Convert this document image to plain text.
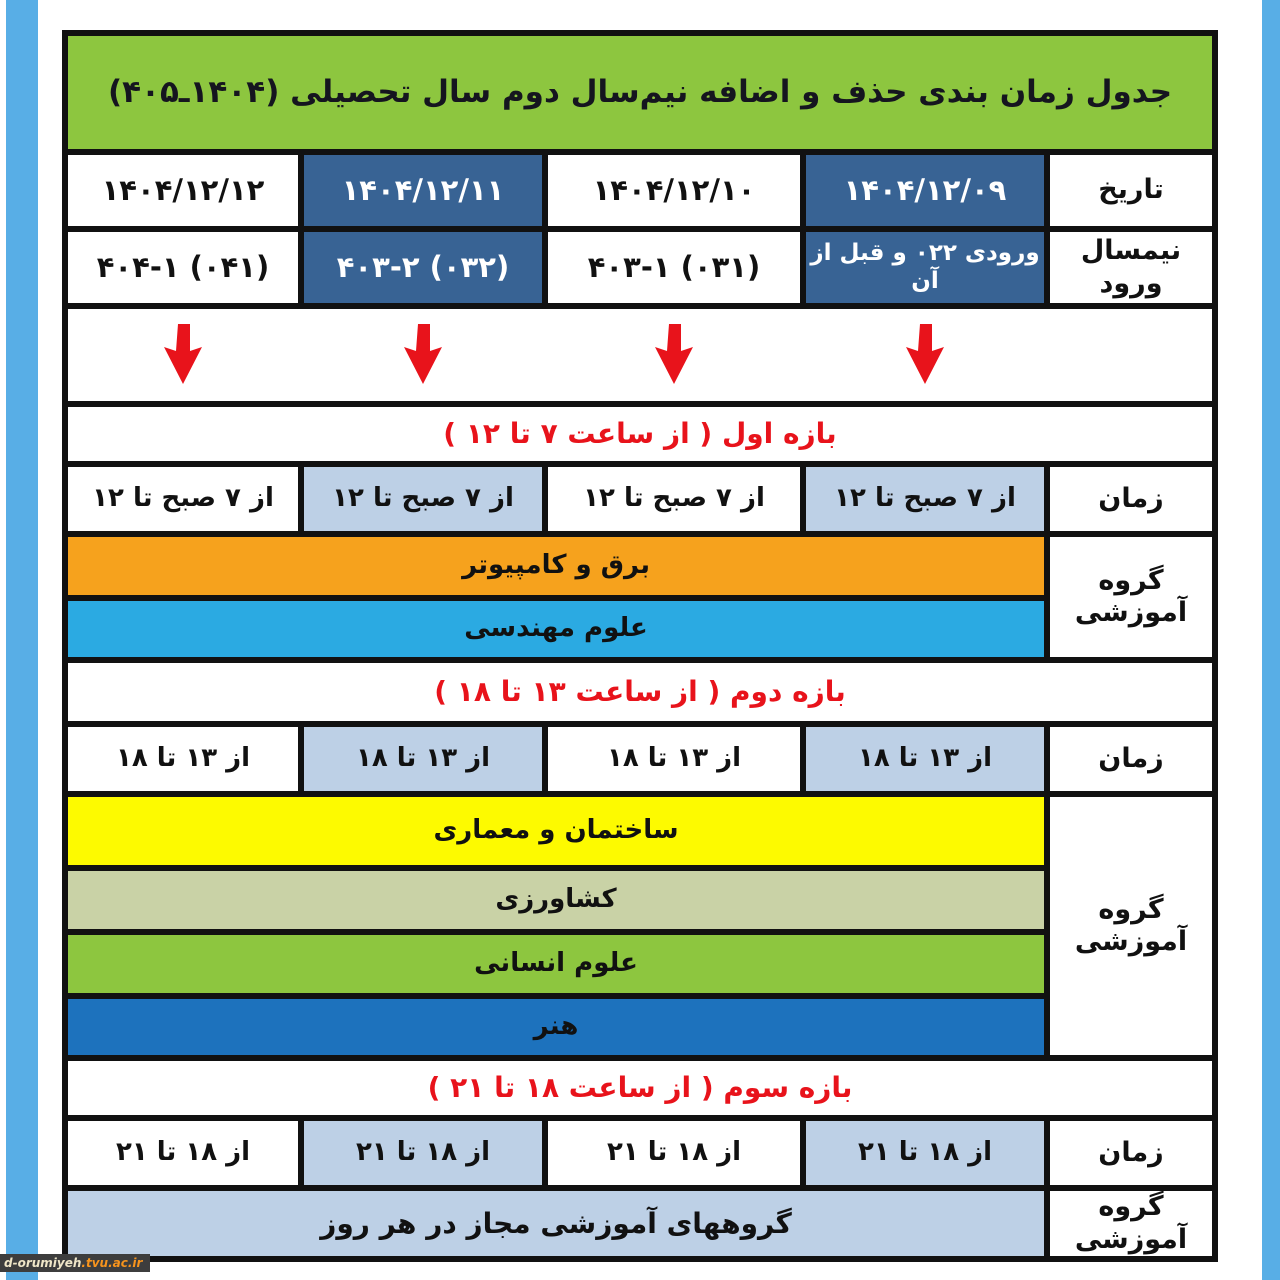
جدول زمان بندی حذف و اضافه نیم‌سال دوم سال تحصیلی (۱۴۰۴ـ۴۰۵)
تاریخ
۱۴۰۴/۱۲/۰۹
۱۴۰۴/۱۲/۱۰
۱۴۰۴/۱۲/۱۱
۱۴۰۴/۱۲/۱۲
نیمسال ورود
ورودی ۰۲۲ و قبل از آن
۴۰۳-۱ (۰۳۱)
۴۰۳-۲ (۰۳۲)
۴۰۴-۱ (۰۴۱)
بازه اول ( از ساعت ۷ تا ۱۲ )
زمان
از ۷ صبح تا ۱۲
از ۷ صبح تا ۱۲
از ۷ صبح تا ۱۲
از ۷ صبح تا ۱۲
گروه آموزشی
برق و کامپیوتر
علوم مهندسی
بازه دوم ( از ساعت ۱۳ تا ۱۸ )
زمان
از ۱۳ تا ۱۸
از ۱۳ تا ۱۸
از ۱۳ تا ۱۸
از ۱۳ تا ۱۸
گروه آموزشی
ساختمان و معماری
کشاورزی
علوم انسانی
هنر
بازه سوم ( از ساعت ۱۸ تا ۲۱ )
زمان
از ۱۸ تا ۲۱
از ۱۸ تا ۲۱
از ۱۸ تا ۲۱
از ۱۸ تا ۲۱
گروه آموزشی
گروههای آموزشی مجاز در هر روز
d-orumiyeh .tvu.ac.ir
